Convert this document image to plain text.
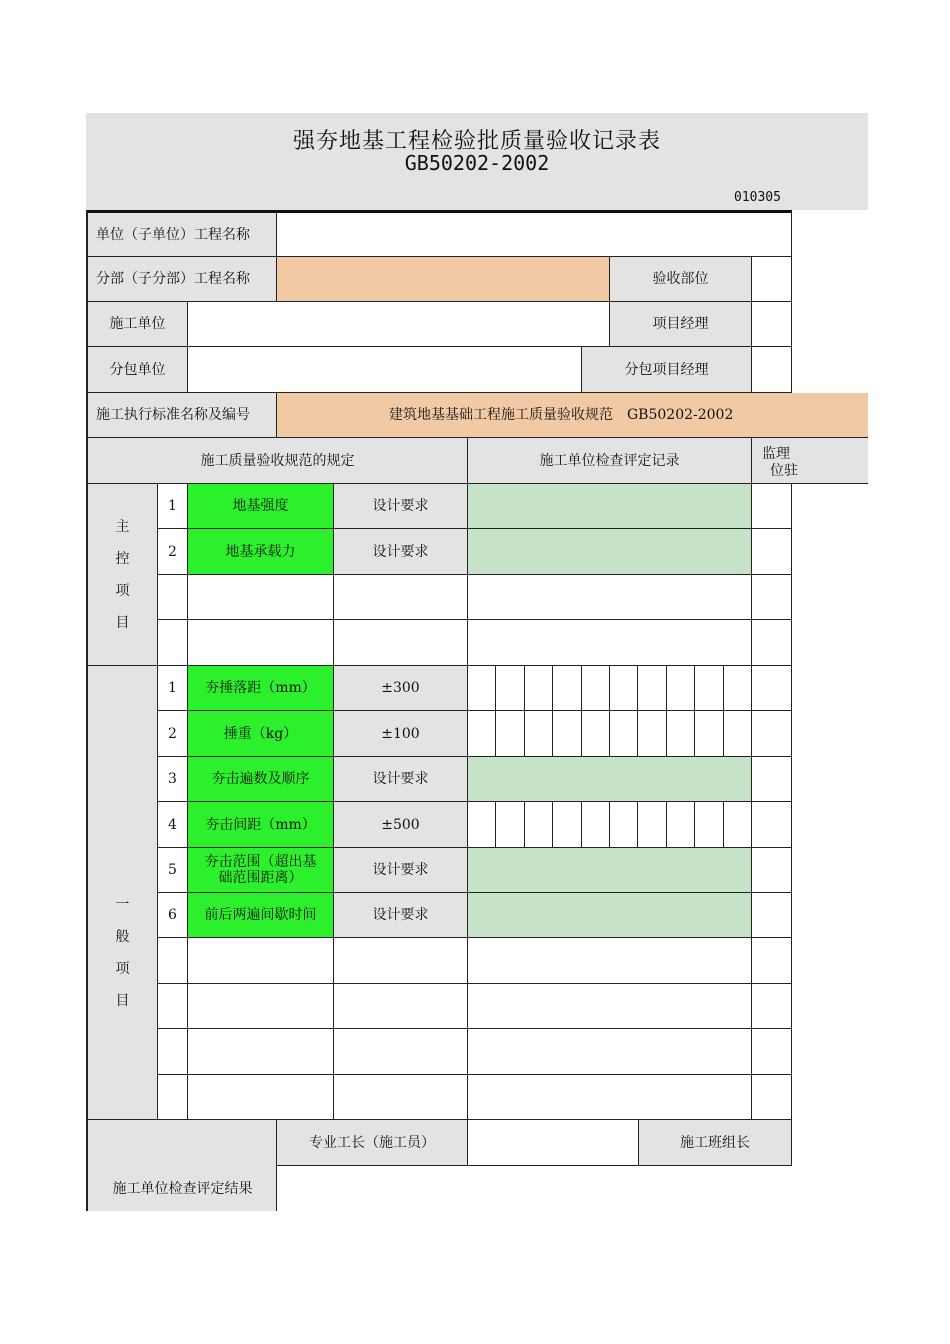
强夯地基工程检验批质量验收记录表
GB50202-2002
010305
单位（子单位）工程名称
分部（子分部）工程名称	验收部位
施工单位	项目经理
分包单位	分包项目经理
施工执行标准名称及编号	建筑地基基础工程施工质量验收规范　GB50202-2002
施工质量验收规范的规定	施工单位检查评定记录	监理
位驻
主
控
项
目
1	地基强度	设计要求
2	地基承载力	设计要求
一
般
项
目
1	夯捶落距（mm）	±300
2	捶重（kg）	±100
3	夯击遍数及顺序	设计要求
4	夯击间距（mm）	±500
5	夯击范围（超出基础范围距离）	设计要求
6	前后两遍间歇时间	设计要求
施工单位检查评定结果
专业工长（施工员）	施工班组长
